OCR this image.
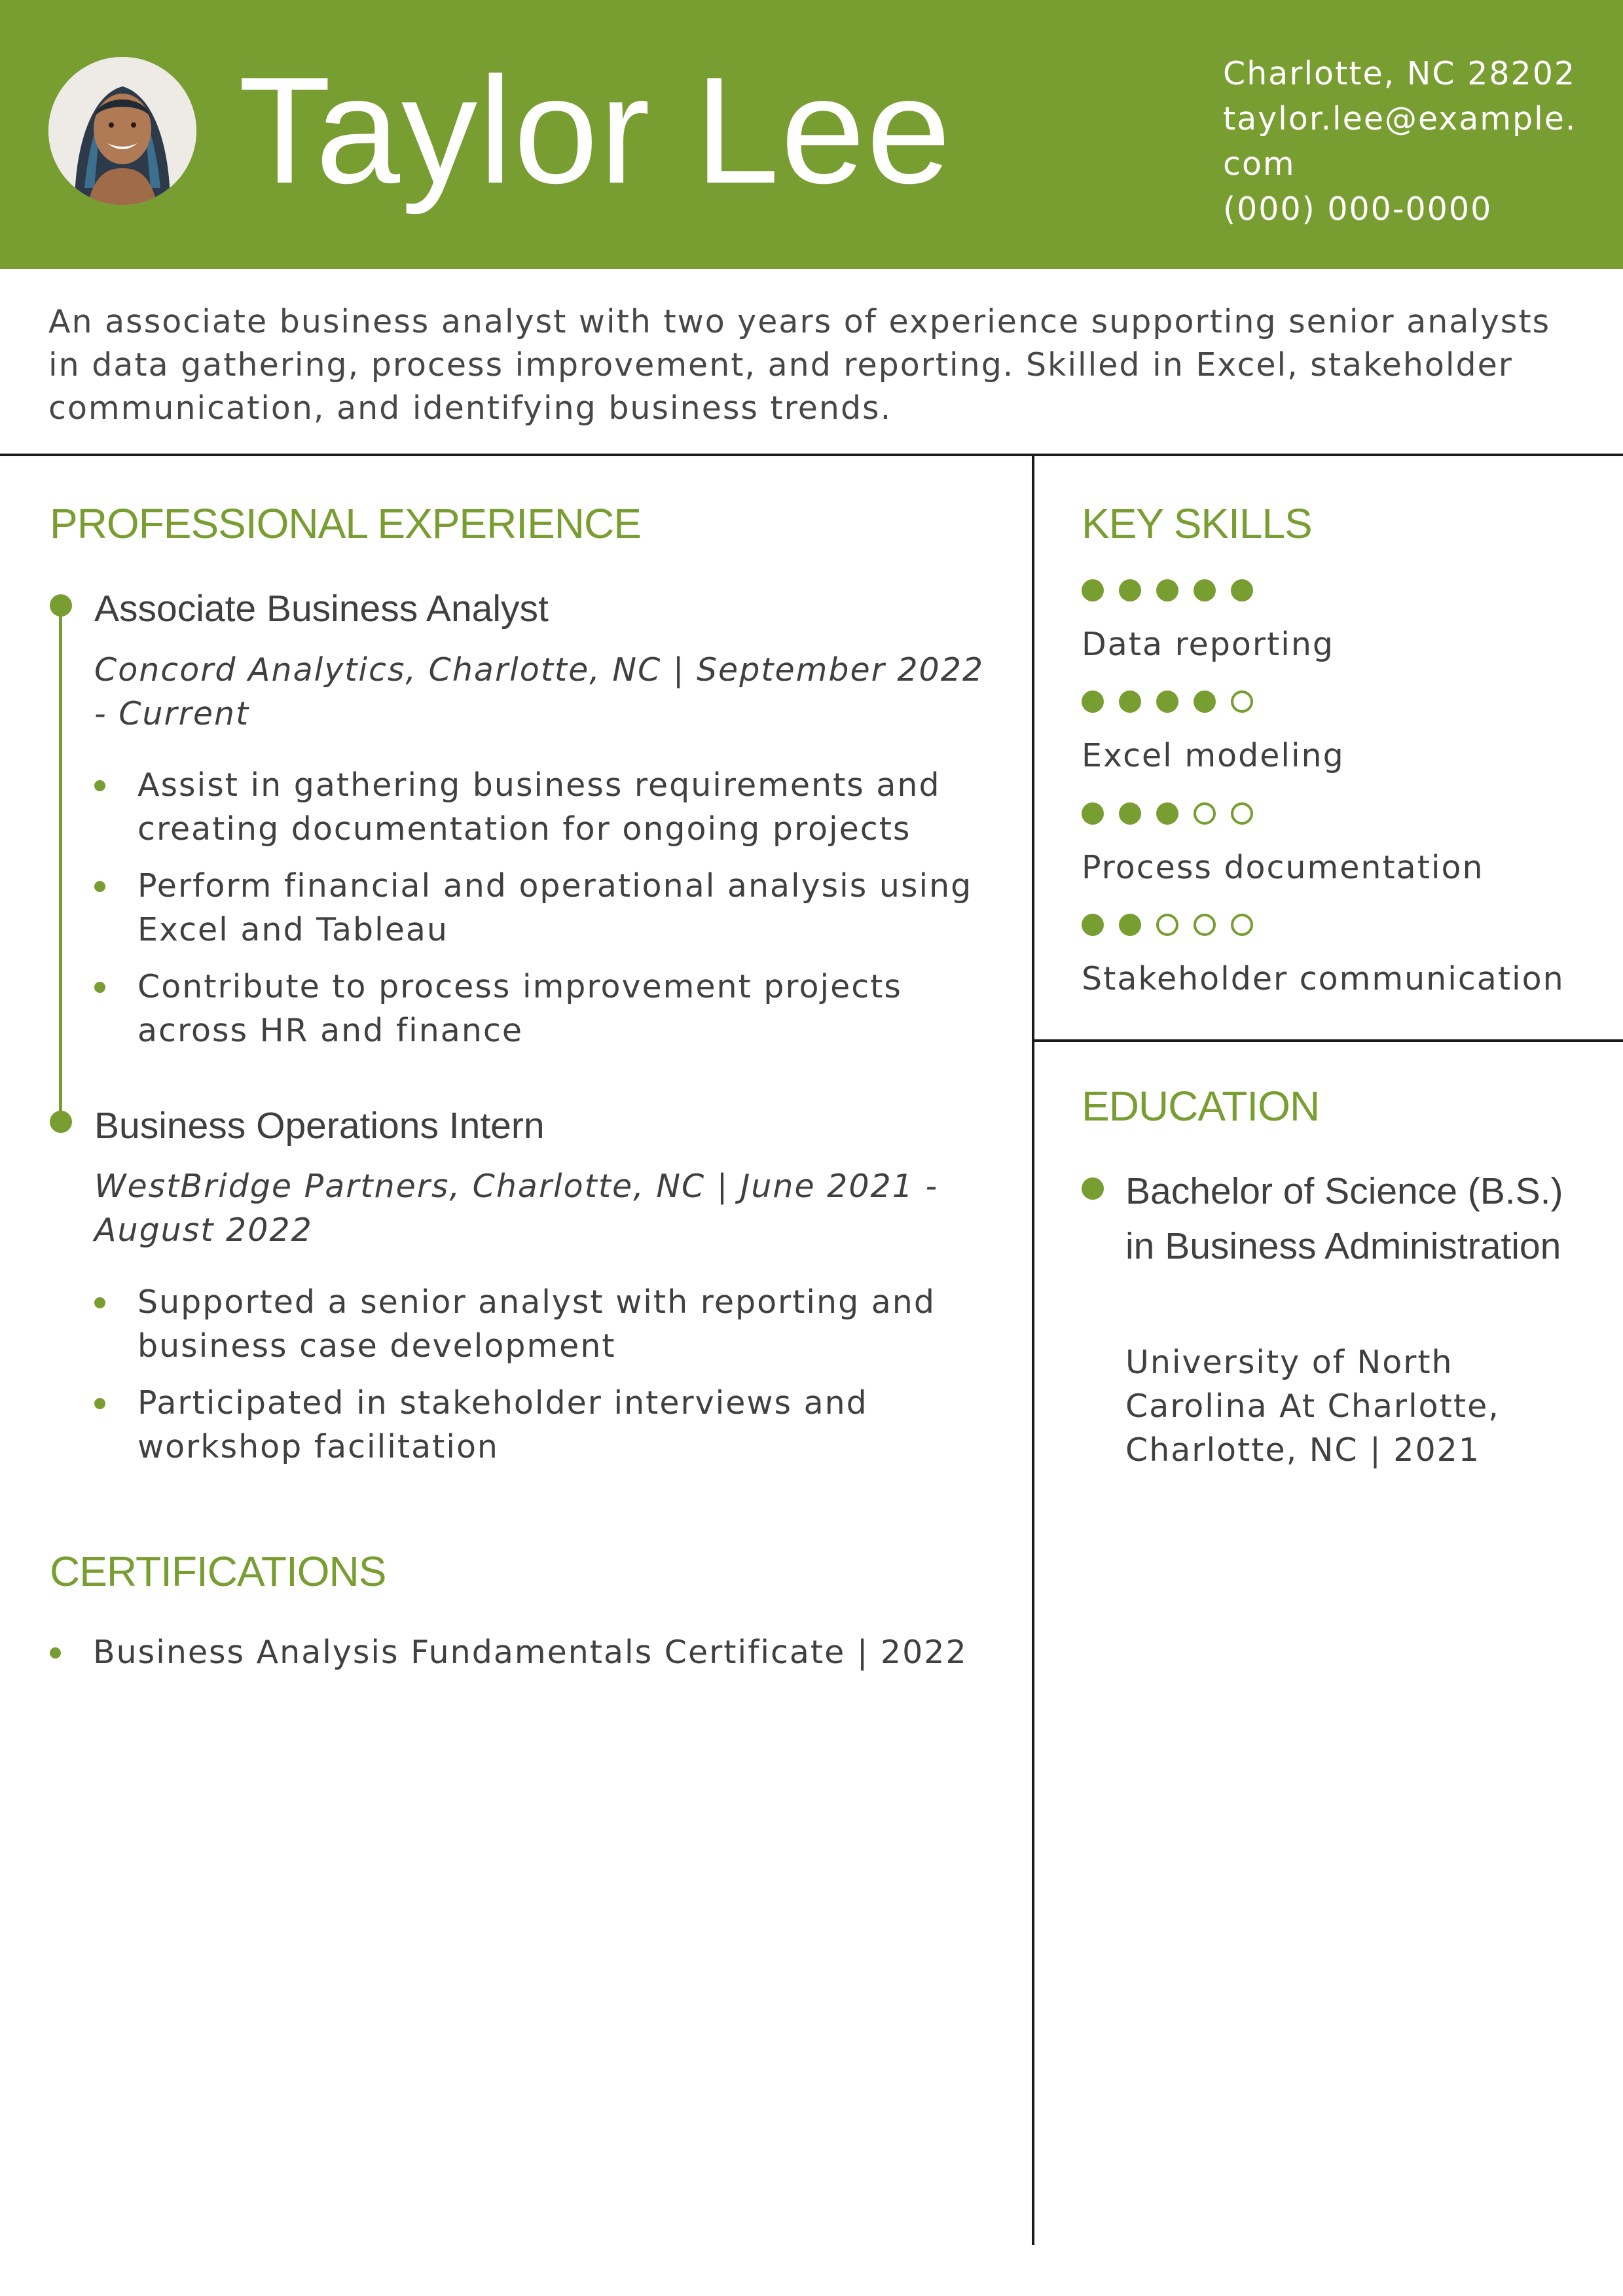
Taylor Lee	Charlotte, NC 28202
taylor.lee@example.
com
(000) 000-0000
An associate business analyst with two years of experience supporting senior analysts in data gathering, process improvement, and reporting. Skilled in Excel, stakeholder communication, and identifying business trends.
PROFESSIONAL EXPERIENCE
Associate Business Analyst
Concord Analytics, Charlotte, NC | September 2022 - Current
Assist in gathering business requirements and creating documentation for ongoing projects
Perform financial and operational analysis using Excel and Tableau
Contribute to process improvement projects across HR and finance
Business Operations Intern
WestBridge Partners, Charlotte, NC | June 2021 - August 2022
Supported a senior analyst with reporting and business case development
Participated in stakeholder interviews and workshop facilitation
CERTIFICATIONS
Business Analysis Fundamentals Certificate | 2022
KEY SKILLS
Data reporting
Excel modeling
Process documentation
Stakeholder communication
EDUCATION
Bachelor of Science (B.S.) in Business Administration
University of North Carolina At Charlotte, Charlotte, NC | 2021
